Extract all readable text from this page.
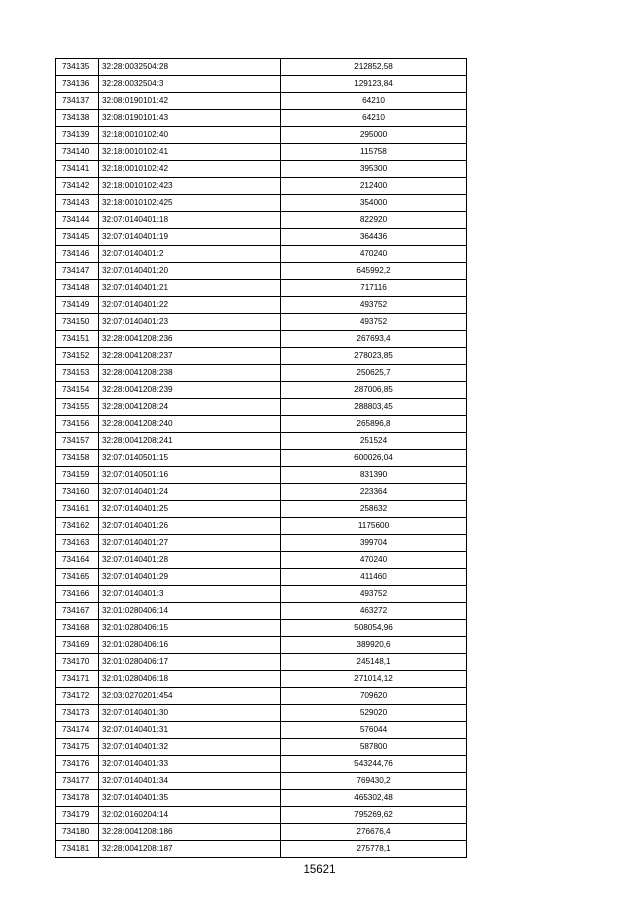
734135	32:28:0032504:28	212852,58
734136	32:28:0032504:3	129123,84
734137	32:08:0190101:42	64210
734138	32:08:0190101:43	64210
734139	32:18:0010102:40	295000
734140	32:18:0010102:41	115758
734141	32:18:0010102:42	395300
734142	32:18:0010102:423	212400
734143	32:18:0010102:425	354000
734144	32:07:0140401:18	822920
734145	32:07:0140401:19	364436
734146	32:07:0140401:2	470240
734147	32:07:0140401:20	645992,2
734148	32:07:0140401:21	717116
734149	32:07:0140401:22	493752
734150	32:07:0140401:23	493752
734151	32:28:0041208:236	267693,4
734152	32:28:0041208:237	278023,85
734153	32:28:0041208:238	250625,7
734154	32:28:0041208:239	287006,85
734155	32:28:0041208:24	288803,45
734156	32:28:0041208:240	265896,8
734157	32:28:0041208:241	251524
734158	32:07:0140501:15	600026,04
734159	32:07:0140501:16	831390
734160	32:07:0140401:24	223364
734161	32:07:0140401:25	258632
734162	32:07:0140401:26	1175600
734163	32:07:0140401:27	399704
734164	32:07:0140401:28	470240
734165	32:07:0140401:29	411460
734166	32:07:0140401:3	493752
734167	32:01:0280406:14	463272
734168	32:01:0280406:15	508054,96
734169	32:01:0280406:16	389920,6
734170	32:01:0280406:17	245148,1
734171	32:01:0280406:18	271014,12
734172	32:03:0270201:454	709620
734173	32:07:0140401:30	529020
734174	32:07:0140401:31	576044
734175	32:07:0140401:32	587800
734176	32:07:0140401:33	543244,76
734177	32:07:0140401:34	769430,2
734178	32:07:0140401:35	465302,48
734179	32:02:0160204:14	795269,62
734180	32:28:0041208:186	276676,4
734181	32:28:0041208:187	275778,1
15621
